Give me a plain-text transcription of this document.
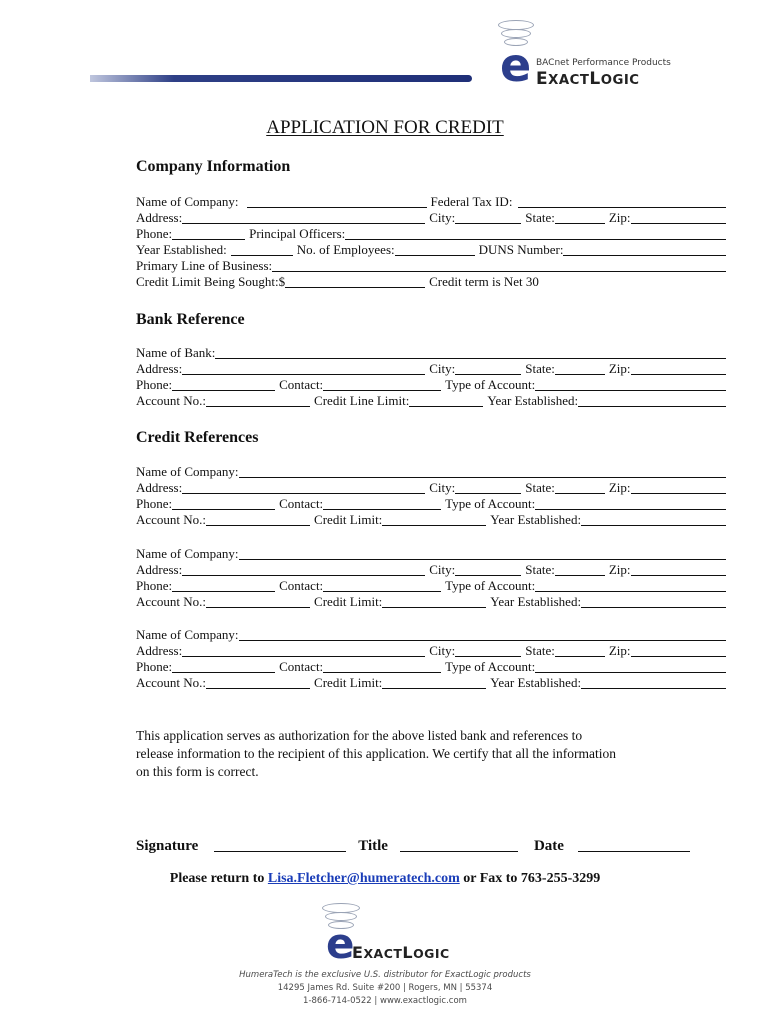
e BACnet Performance Products
EXACTLOGIC
APPLICATION FOR CREDIT
Company Information
Name of Company:	Federal Tax ID:
Address:	City:	State:	Zip:
Phone:	Principal Officers:
Year Established:	No. of Employees:	DUNS Number:
Primary Line of Business:
Credit Limit Being Sought:$	Credit term is Net 30
Bank Reference
Name of Bank:
Address:	City:	State:	Zip:
Phone:	Contact:	Type of Account:
Account No.:	Credit Line Limit:	Year Established:
Credit References
Name of Company:
Address:	City:	State:	Zip:
Phone:	Contact:	Type of Account:
Account No.:	Credit Limit:	Year Established:
Name of Company:
Address:	City:	State:	Zip:
Phone:	Contact:	Type of Account:
Account No.:	Credit Limit:	Year Established:
Name of Company:
Address:	City:	State:	Zip:
Phone:	Contact:	Type of Account:
Account No.:	Credit Limit:	Year Established:
This application serves as authorization for the above listed bank and references to
release information to the recipient of this application. We certify that all the information
on this form is correct.
Signature	Title	Date
Please return to Lisa.Fletcher@humeratech.com or Fax to 763-255-3299
e
EXACTLOGIC
HumeraTech is the exclusive U.S. distributor for ExactLogic products
14295 James Rd. Suite #200 | Rogers, MN | 55374
1-866-714-0522 | www.exactlogic.com
